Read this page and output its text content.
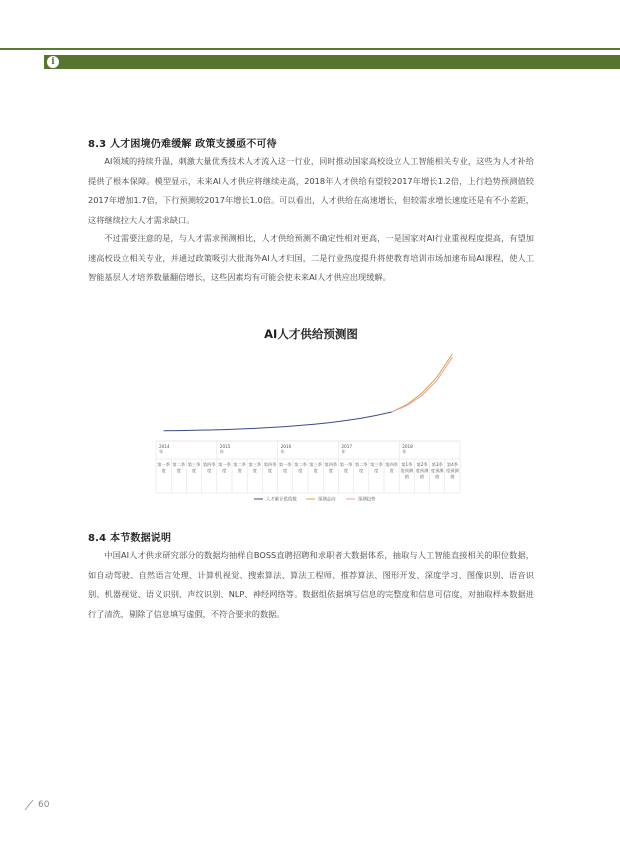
i
8.3 人才困境仍难缓解 政策支援亟不可待

AI领域的持续升温，刺激大量优秀技术人才流入这一行业，同时推动国家高校设立人工智能相关专业，这些为人才补给提供了根本保障。模型显示，未来AI人才供应将继续走高，2018年人才供给有望较2017年增长1.2倍，上行趋势预测值较2017年增加1.7倍，下行预测较2017年增长1.0倍。可以看出，人才供给在高速增长，但较需求增长速度还是有不小差距，这将继续拉大人才需求缺口。

不过需要注意的是，与人才需求预测相比，人才供给预测不确定性相对更高，一是国家对AI行业重视程度提高，有望加速高校设立相关专业，并通过政策吸引大批海外AI人才归国，二是行业热度提升将使教育培训市场加速布局AI课程，使人工智能基层人才培养数量翻倍增长，这些因素均有可能会使未来AI人才供应出现缓解。

AI人才供给预测图
2014 年
2015 年
2016 年
2017 年
2018 年
第一季度
第二季度
第三季度
第四季度
第一季度
第二季度
第三季度
第四季度
第一季度
第二季度
第三季度
第四季度
第一季度
第二季度
第三季度
第四季度
第1季度预测值
第2季度预测值
第3季度预测值
第4季度预测值
人才累计供给数	预测走向	预测趋势
8.4 本节数据说明

中国AI人才供求研究部分的数据均抽样自BOSS直聘招聘和求职者大数据体系，抽取与人工智能直接相关的职位数据，如自动驾驶、自然语言处理、计算机视觉、搜索算法、算法工程师、推荐算法、图形开发、深度学习、图像识别、语音识别、机器视觉、语义识别、声纹识别、NLP、神经网络等。数据组依据填写信息的完整度和信息可信度，对抽取样本数据进行了清洗，剔除了信息填写虚假，不符合要求的数据。

60
